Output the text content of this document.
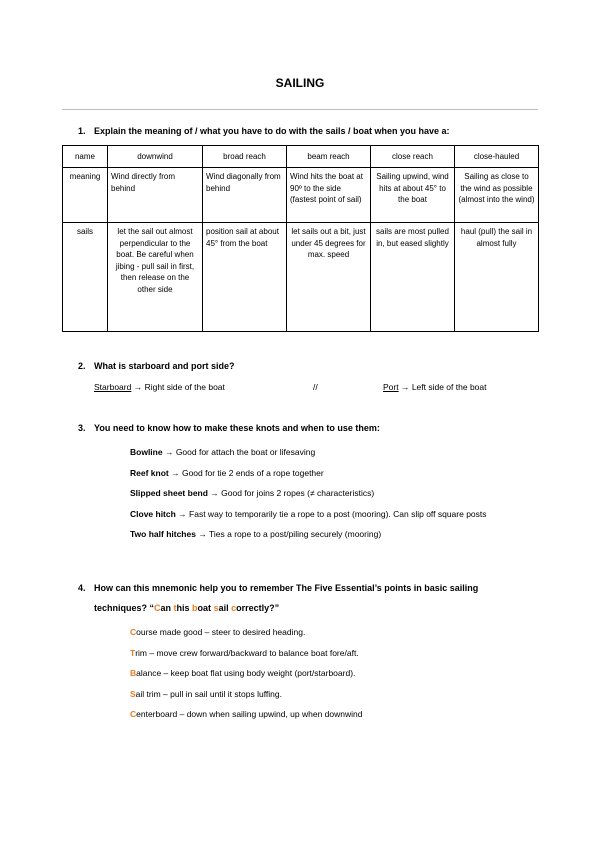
SAILING
1. Explain the meaning of / what you have to do with the sails / boat when you have a:
name	downwind	broad reach	beam reach	close reach	close-hauled
meaning	Wind directly from behind	Wind diagonally from behind	Wind hits the boat at 90º to the side (fastest point of sail)	Sailing upwind, wind hits at about 45° to the boat	Sailing as close to the wind as possible (almost into the wind)
sails	let the sail out almost perpendicular to the boat. Be careful when jibing - pull sail in first, then release on the other side	position sail at about 45° from the boat	let sails out a bit, just under 45 degrees for max. speed	sails are most pulled in, but eased slightly	haul (pull) the sail in almost fully
2. What is starboard and port side?
Starboard → Right side of the boat	//	Port → Left side of the boat
3. You need to know how to make these knots and when to use them:
Bowline → Good for attach the boat or lifesaving
Reef knot → Good for tie 2 ends of a rope together
Slipped sheet bend → Good for joins 2 ropes (≠ characteristics)
Clove hitch → Fast way to temporarily tie a rope to a post (mooring). Can slip off square posts
Two half hitches → Ties a rope to a post/piling securely (mooring)
4. How can this mnemonic help you to remember The Five Essential’s points in basic sailing
techniques? “Can this boat sail correctly?”
Course made good – steer to desired heading.
Trim – move crew forward/backward to balance boat fore/aft.
Balance – keep boat flat using body weight (port/starboard).
Sail trim – pull in sail until it stops luffing.
Centerboard – down when sailing upwind, up when downwind
